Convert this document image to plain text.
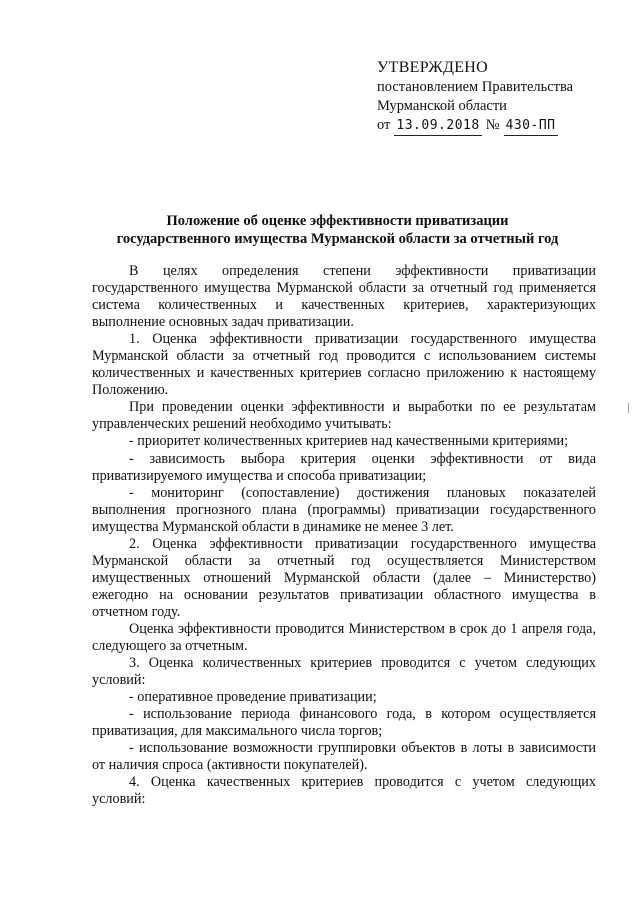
УТВЕРЖДЕНО
постановлением Правительства
Мурманской области
от 13.09.2018 № 430-ПП
Положение об оценке эффективности приватизации
государственного имущества Мурманской области за отчетный год

В целях определения степени эффективности приватизации государственного имущества Мурманской области за отчетный год применяется система количественных и качественных критериев, характеризующих выполнение основных задач приватизации.

1. Оценка эффективности приватизации государственного имущества Мурманской области за отчетный год проводится с использованием системы количественных и качественных критериев согласно приложению к настоящему Положению.

При проведении оценки эффективности и выработки по ее результатам управленческих решений необходимо учитывать:

- приоритет количественных критериев над качественными критериями;

- зависимость выбора критерия оценки эффективности от вида приватизируемого имущества и способа приватизации;

- мониторинг (сопоставление) достижения плановых показателей выполнения прогнозного плана (программы) приватизации государственного имущества Мурманской области в динамике не менее 3 лет.

2. Оценка эффективности приватизации государственного имущества Мурманской области за отчетный год осуществляется Министерством имущественных отношений Мурманской области (далее – Министерство) ежегодно на основании результатов приватизации областного имущества в отчетном году.

Оценка эффективности проводится Министерством в срок до 1 апреля года, следующего за отчетным.

3. Оценка количественных критериев проводится с учетом следующих условий:

- оперативное проведение приватизации;

- использование периода финансового года, в котором осуществляется приватизация, для максимального числа торгов;

- использование возможности группировки объектов в лоты в зависимости от наличия спроса (активности покупателей).

4. Оценка качественных критериев проводится с учетом следующих условий:
